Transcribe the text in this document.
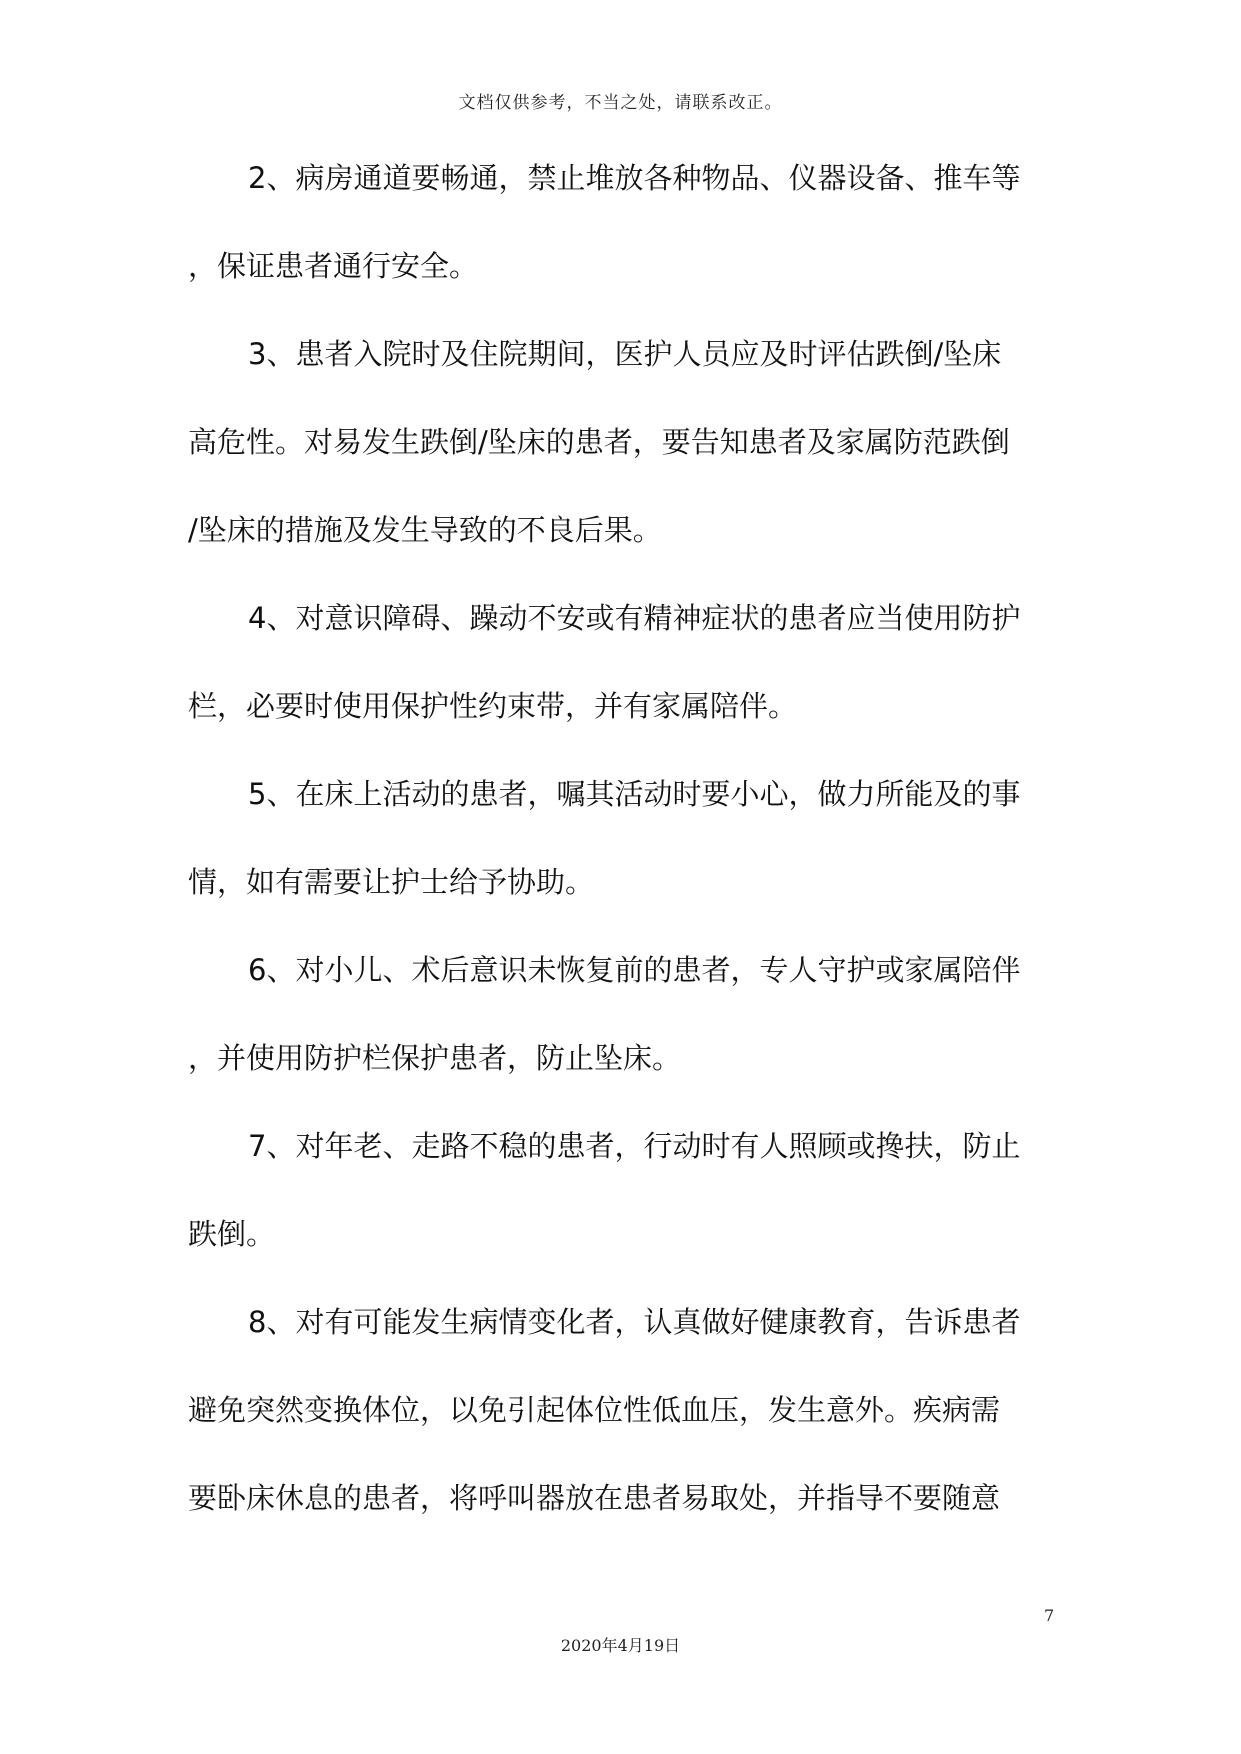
文档仅供参考，不当之处，请联系改正。
2、病房通道要畅通，禁止堆放各种物品、仪器设备、推车等
，保证患者通行安全。
3、患者入院时及住院期间，医护人员应及时评估跌倒/坠床
高危性。对易发生跌倒/坠床的患者，要告知患者及家属防范跌倒
/坠床的措施及发生导致的不良后果。
4、对意识障碍、躁动不安或有精神症状的患者应当使用防护
栏，必要时使用保护性约束带，并有家属陪伴。
5、在床上活动的患者，嘱其活动时要小心，做力所能及的事
情，如有需要让护士给予协助。
6、对小儿、术后意识未恢复前的患者，专人守护或家属陪伴
，并使用防护栏保护患者，防止坠床。
7、对年老、走路不稳的患者，行动时有人照顾或搀扶，防止
跌倒。
8、对有可能发生病情变化者，认真做好健康教育，告诉患者
避免突然变换体位，以免引起体位性低血压，发生意外。疾病需
要卧床休息的患者，将呼叫器放在患者易取处，并指导不要随意
7
2020年4月19日
